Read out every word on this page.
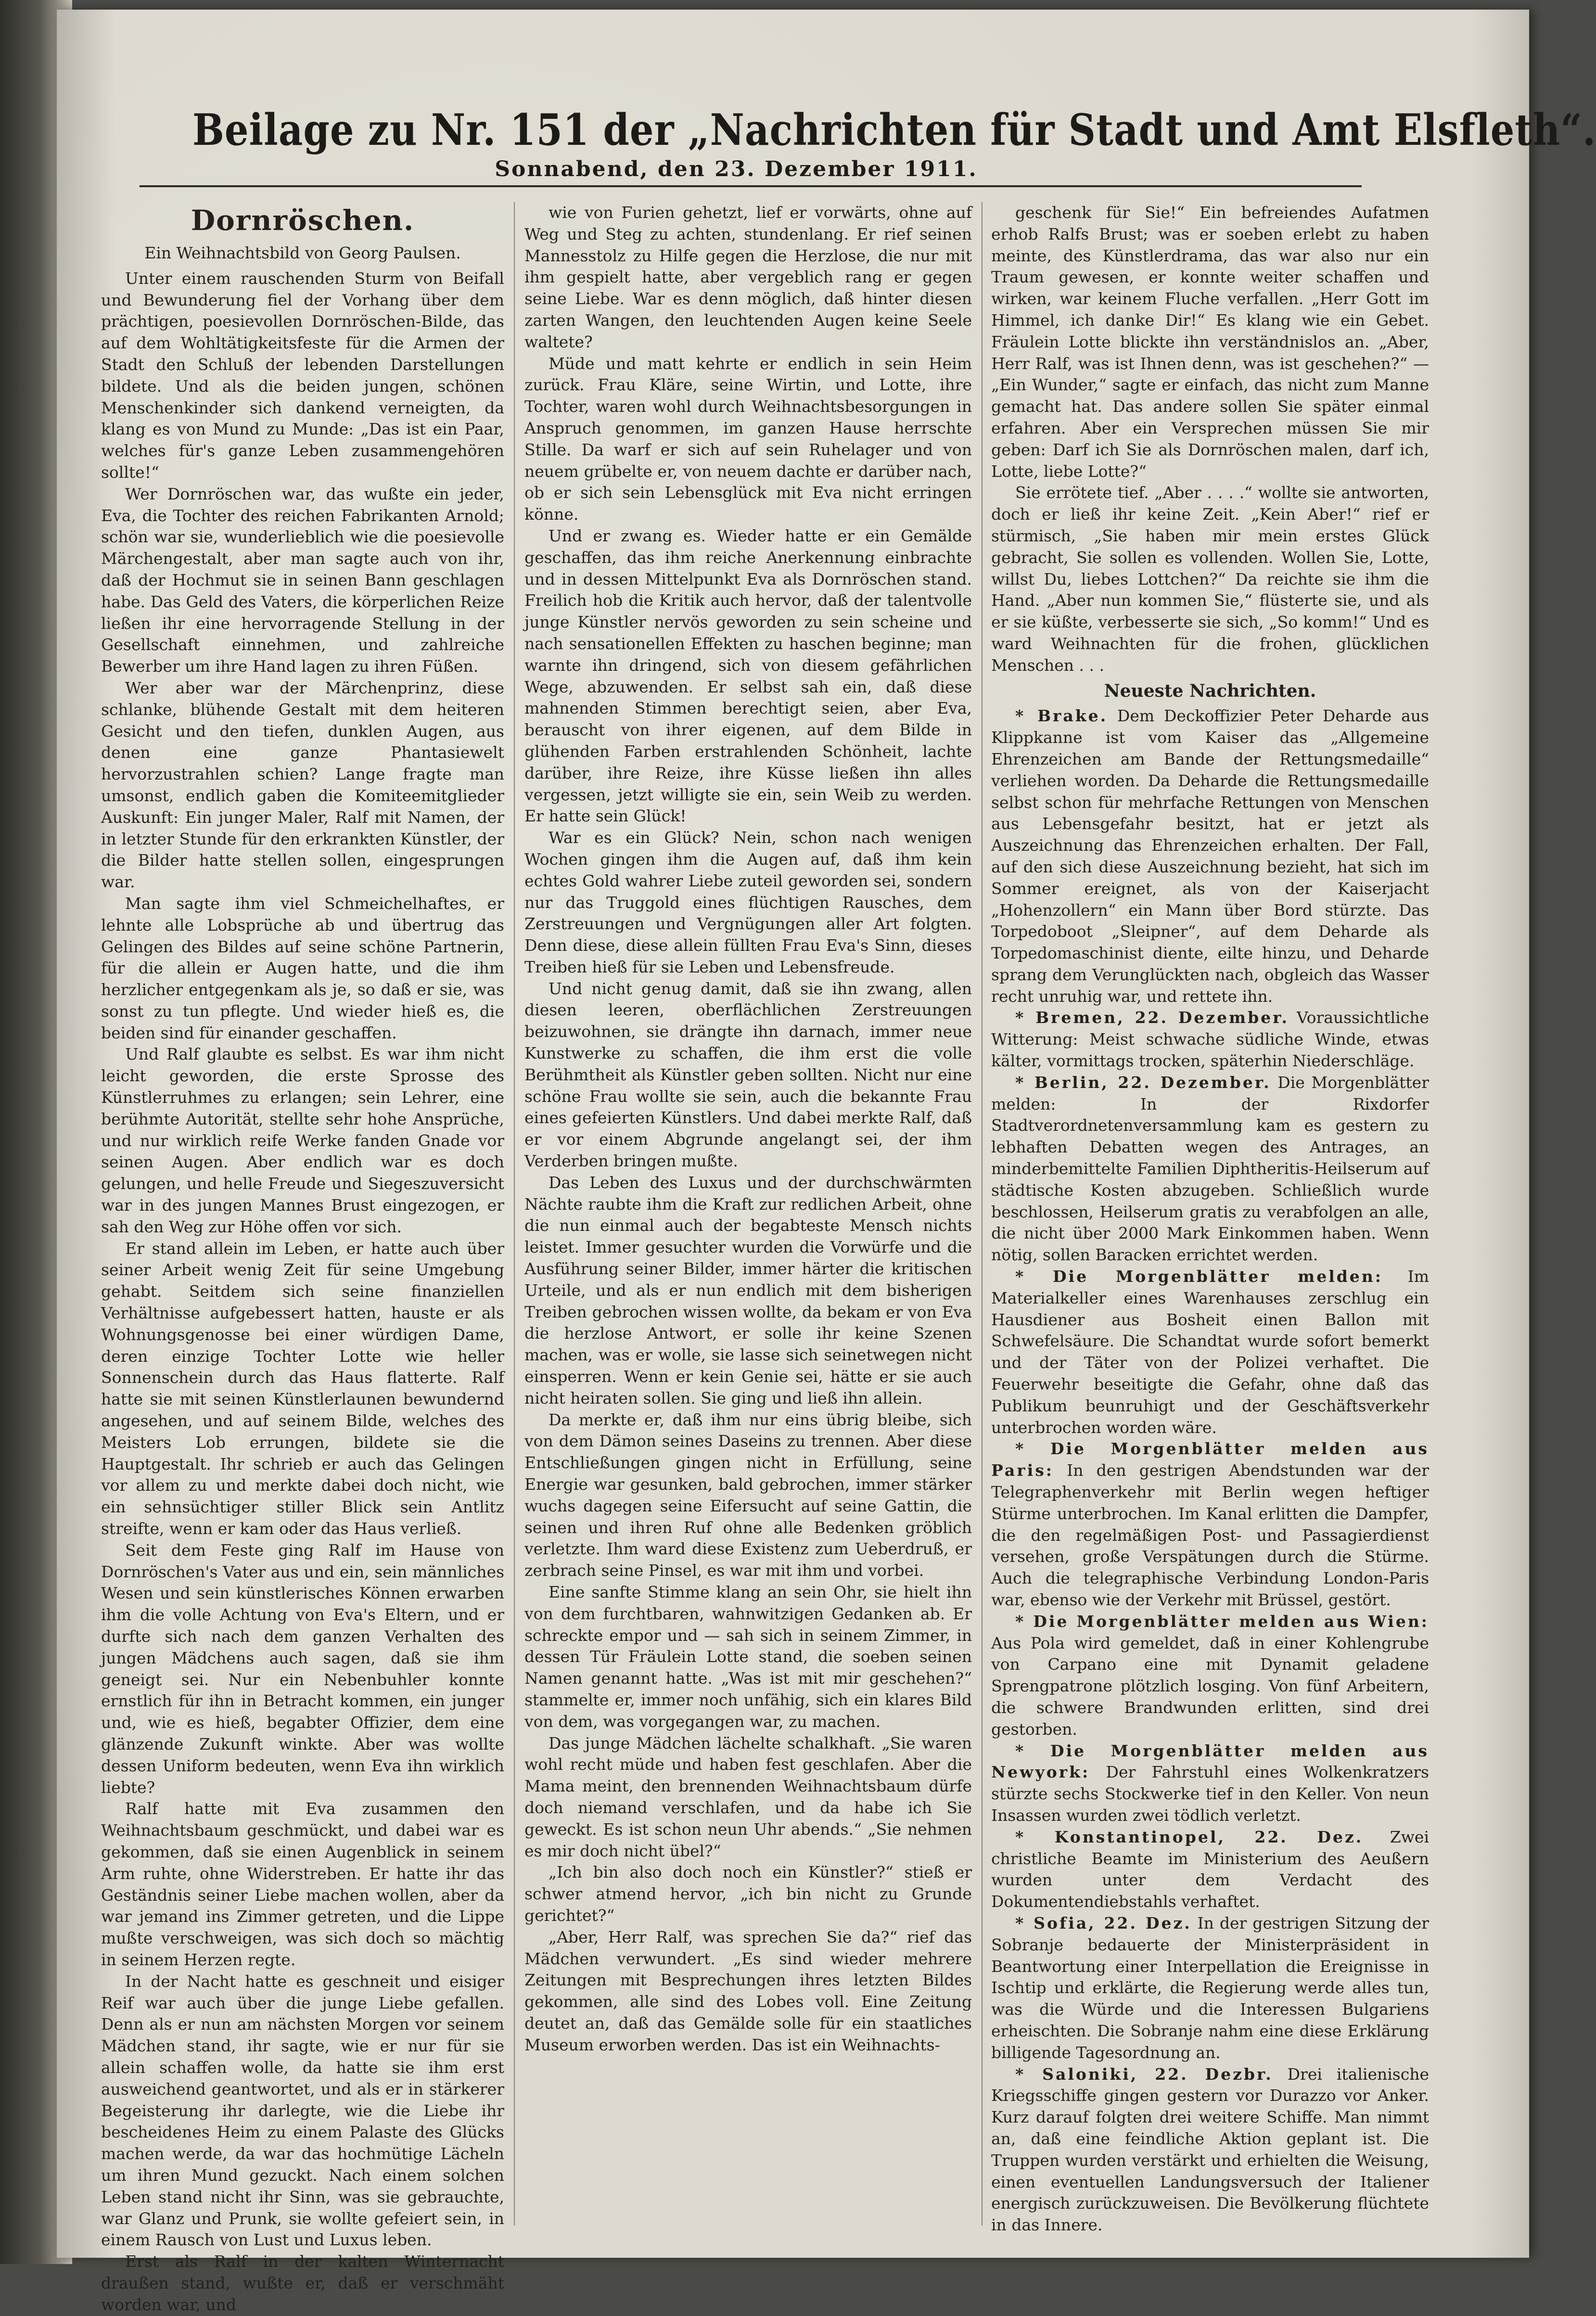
Beilage zu Nr. 151 der „Nachrichten für Stadt und Amt Elsfleth“.
Sonnabend, den 23. Dezember 1911.
Dornröschen.
Ein Weihnachtsbild von Georg Paulsen.

Unter einem rauschenden Sturm von Beifall und Bewunderung fiel der Vorhang über dem prächtigen, poesievollen Dornröschen-Bilde, das auf dem Wohltätigkeitsfeste für die Armen der Stadt den Schluß der lebenden Darstellungen bildete. Und als die beiden jungen, schönen Menschenkinder sich dankend verneigten, da klang es von Mund zu Munde: „Das ist ein Paar, welches für's ganze Leben zusammengehören sollte!“

Wer Dornröschen war, das wußte ein jeder, Eva, die Tochter des reichen Fabrikanten Arnold; schön war sie, wunderlieblich wie die poesievolle Märchengestalt, aber man sagte auch von ihr, daß der Hochmut sie in seinen Bann geschlagen habe. Das Geld des Vaters, die körperlichen Reize ließen ihr eine hervorragende Stellung in der Gesellschaft einnehmen, und zahlreiche Bewerber um ihre Hand lagen zu ihren Füßen.

Wer aber war der Märchenprinz, diese schlanke, blühende Gestalt mit dem heiteren Gesicht und den tiefen, dunklen Augen, aus denen eine ganze Phantasiewelt hervorzustrahlen schien? Lange fragte man umsonst, endlich gaben die Komiteemitglieder Auskunft: Ein junger Maler, Ralf mit Namen, der in letzter Stunde für den erkrankten Künstler, der die Bilder hatte stellen sollen, eingesprungen war.

Man sagte ihm viel Schmeichelhaftes, er lehnte alle Lobsprüche ab und übertrug das Gelingen des Bildes auf seine schöne Partnerin, für die allein er Augen hatte, und die ihm herzlicher entgegenkam als je, so daß er sie, was sonst zu tun pflegte. Und wieder hieß es, die beiden sind für einander geschaffen.

Und Ralf glaubte es selbst. Es war ihm nicht leicht geworden, die erste Sprosse des Künstlerruhmes zu erlangen; sein Lehrer, eine berühmte Autorität, stellte sehr hohe Ansprüche, und nur wirklich reife Werke fanden Gnade vor seinen Augen. Aber endlich war es doch gelungen, und helle Freude und Siegeszuversicht war in des jungen Mannes Brust eingezogen, er sah den Weg zur Höhe offen vor sich.

Er stand allein im Leben, er hatte auch über seiner Arbeit wenig Zeit für seine Umgebung gehabt. Seitdem sich seine finanziellen Verhältnisse aufgebessert hatten, hauste er als Wohnungsgenosse bei einer würdigen Dame, deren einzige Tochter Lotte wie heller Sonnenschein durch das Haus flatterte. Ralf hatte sie mit seinen Künstlerlaunen bewundernd angesehen, und auf seinem Bilde, welches des Meisters Lob errungen, bildete sie die Hauptgestalt. Ihr schrieb er auch das Gelingen vor allem zu und merkte dabei doch nicht, wie ein sehnsüchtiger stiller Blick sein Antlitz streifte, wenn er kam oder das Haus verließ.

Seit dem Feste ging Ralf im Hause von Dornröschen's Vater aus und ein, sein männliches Wesen und sein künstlerisches Können erwarben ihm die volle Achtung von Eva's Eltern, und er durfte sich nach dem ganzen Verhalten des jungen Mädchens auch sagen, daß sie ihm geneigt sei. Nur ein Nebenbuhler konnte ernstlich für ihn in Betracht kommen, ein junger und, wie es hieß, begabter Offizier, dem eine glänzende Zukunft winkte. Aber was wollte dessen Uniform bedeuten, wenn Eva ihn wirklich liebte?

Ralf hatte mit Eva zusammen den Weihnachtsbaum geschmückt, und dabei war es gekommen, daß sie einen Augenblick in seinem Arm ruhte, ohne Widerstreben. Er hatte ihr das Geständnis seiner Liebe machen wollen, aber da war jemand ins Zimmer getreten, und die Lippe mußte verschweigen, was sich doch so mächtig in seinem Herzen regte.

In der Nacht hatte es geschneit und eisiger Reif war auch über die junge Liebe gefallen. Denn als er nun am nächsten Morgen vor seinem Mädchen stand, ihr sagte, wie er nur für sie allein schaffen wolle, da hatte sie ihm erst ausweichend geantwortet, und als er in stärkerer Begeisterung ihr darlegte, wie die Liebe ihr bescheidenes Heim zu einem Palaste des Glücks machen werde, da war das hochmütige Lächeln um ihren Mund gezuckt. Nach einem solchen Leben stand nicht ihr Sinn, was sie gebrauchte, war Glanz und Prunk, sie wollte gefeiert sein, in einem Rausch von Lust und Luxus leben.

Erst als Ralf in der kalten Winternacht draußen stand, wußte er, daß er verschmäht worden war, und

wie von Furien gehetzt, lief er vorwärts, ohne auf Weg und Steg zu achten, stundenlang. Er rief seinen Mannesstolz zu Hilfe gegen die Herzlose, die nur mit ihm gespielt hatte, aber vergeblich rang er gegen seine Liebe. War es denn möglich, daß hinter diesen zarten Wangen, den leuchtenden Augen keine Seele waltete?

Müde und matt kehrte er endlich in sein Heim zurück. Frau Kläre, seine Wirtin, und Lotte, ihre Tochter, waren wohl durch Weihnachtsbesorgungen in Anspruch genommen, im ganzen Hause herrschte Stille. Da warf er sich auf sein Ruhelager und von neuem grübelte er, von neuem dachte er darüber nach, ob er sich sein Lebensglück mit Eva nicht erringen könne.

Und er zwang es. Wieder hatte er ein Gemälde geschaffen, das ihm reiche Anerkennung einbrachte und in dessen Mittelpunkt Eva als Dornröschen stand. Freilich hob die Kritik auch hervor, daß der talentvolle junge Künstler nervös geworden zu sein scheine und nach sensationellen Effekten zu haschen beginne; man warnte ihn dringend, sich von diesem gefährlichen Wege, abzuwenden. Er selbst sah ein, daß diese mahnenden Stimmen berechtigt seien, aber Eva, berauscht von ihrer eigenen, auf dem Bilde in glühenden Farben erstrahlenden Schönheit, lachte darüber, ihre Reize, ihre Küsse ließen ihn alles vergessen, jetzt willigte sie ein, sein Weib zu werden. Er hatte sein Glück!

War es ein Glück? Nein, schon nach wenigen Wochen gingen ihm die Augen auf, daß ihm kein echtes Gold wahrer Liebe zuteil geworden sei, sondern nur das Truggold eines flüchtigen Rausches, dem Zerstreuungen und Vergnügungen aller Art folgten. Denn diese, diese allein füllten Frau Eva's Sinn, dieses Treiben hieß für sie Leben und Lebensfreude.

Und nicht genug damit, daß sie ihn zwang, allen diesen leeren, oberflächlichen Zerstreuungen beizuwohnen, sie drängte ihn darnach, immer neue Kunstwerke zu schaffen, die ihm erst die volle Berühmtheit als Künstler geben sollten. Nicht nur eine schöne Frau wollte sie sein, auch die bekannte Frau eines gefeierten Künstlers. Und dabei merkte Ralf, daß er vor einem Abgrunde angelangt sei, der ihm Verderben bringen mußte.

Das Leben des Luxus und der durchschwärmten Nächte raubte ihm die Kraft zur redlichen Arbeit, ohne die nun einmal auch der begabteste Mensch nichts leistet. Immer gesuchter wurden die Vorwürfe und die Ausführung seiner Bilder, immer härter die kritischen Urteile, und als er nun endlich mit dem bisherigen Treiben gebrochen wissen wollte, da bekam er von Eva die herzlose Antwort, er solle ihr keine Szenen machen, was er wolle, sie lasse sich seinetwegen nicht einsperren. Wenn er kein Genie sei, hätte er sie auch nicht heiraten sollen. Sie ging und ließ ihn allein.

Da merkte er, daß ihm nur eins übrig bleibe, sich von dem Dämon seines Daseins zu trennen. Aber diese Entschließungen gingen nicht in Erfüllung, seine Energie war gesunken, bald gebrochen, immer stärker wuchs dagegen seine Eifersucht auf seine Gattin, die seinen und ihren Ruf ohne alle Bedenken gröblich verletzte. Ihm ward diese Existenz zum Ueberdruß, er zerbrach seine Pinsel, es war mit ihm und vorbei.

Eine sanfte Stimme klang an sein Ohr, sie hielt ihn von dem furchtbaren, wahnwitzigen Gedanken ab. Er schreckte empor und — sah sich in seinem Zimmer, in dessen Tür Fräulein Lotte stand, die soeben seinen Namen genannt hatte. „Was ist mit mir geschehen?“ stammelte er, immer noch unfähig, sich ein klares Bild von dem, was vorgegangen war, zu machen.

Das junge Mädchen lächelte schalkhaft. „Sie waren wohl recht müde und haben fest geschlafen. Aber die Mama meint, den brennenden Weihnachtsbaum dürfe doch niemand verschlafen, und da habe ich Sie geweckt. Es ist schon neun Uhr abends.“ „Sie nehmen es mir doch nicht übel?“

„Ich bin also doch noch ein Künstler?“ stieß er schwer atmend hervor, „ich bin nicht zu Grunde gerichtet?“

„Aber, Herr Ralf, was sprechen Sie da?“ rief das Mädchen verwundert. „Es sind wieder mehrere Zeitungen mit Besprechungen ihres letzten Bildes gekommen, alle sind des Lobes voll. Eine Zeitung deutet an, daß das Gemälde solle für ein staatliches Museum erworben werden. Das ist ein Weihnachts-

geschenk für Sie!“ Ein befreiendes Aufatmen erhob Ralfs Brust; was er soeben erlebt zu haben meinte, des Künstlerdrama, das war also nur ein Traum gewesen, er konnte weiter schaffen und wirken, war keinem Fluche verfallen. „Herr Gott im Himmel, ich danke Dir!“ Es klang wie ein Gebet. Fräulein Lotte blickte ihn verständnislos an. „Aber, Herr Ralf, was ist Ihnen denn, was ist geschehen?“ — „Ein Wunder,“ sagte er einfach, das nicht zum Manne gemacht hat. Das andere sollen Sie später einmal erfahren. Aber ein Versprechen müssen Sie mir geben: Darf ich Sie als Dornröschen malen, darf ich, Lotte, liebe Lotte?“

Sie errötete tief. „Aber . . . .“ wollte sie antworten, doch er ließ ihr keine Zeit. „Kein Aber!“ rief er stürmisch, „Sie haben mir mein erstes Glück gebracht, Sie sollen es vollenden. Wollen Sie, Lotte, willst Du, liebes Lottchen?“ Da reichte sie ihm die Hand. „Aber nun kommen Sie,“ flüsterte sie, und als er sie küßte, verbesserte sie sich, „So komm!“ Und es ward Weihnachten für die frohen, glücklichen Menschen . . .

Neueste Nachrichten.

* Brake. Dem Deckoffizier Peter Deharde aus Klippkanne ist vom Kaiser das „Allgemeine Ehrenzeichen am Bande der Rettungsmedaille“ verliehen worden. Da Deharde die Rettungsmedaille selbst schon für mehrfache Rettungen von Menschen aus Lebensgefahr besitzt, hat er jetzt als Auszeichnung das Ehrenzeichen erhalten. Der Fall, auf den sich diese Auszeichnung bezieht, hat sich im Sommer ereignet, als von der Kaiserjacht „Hohenzollern“ ein Mann über Bord stürzte. Das Torpedoboot „Sleipner“, auf dem Deharde als Torpedomaschinist diente, eilte hinzu, und Deharde sprang dem Verunglückten nach, obgleich das Wasser recht unruhig war, und rettete ihn.

* Bremen, 22. Dezember. Voraussichtliche Witterung: Meist schwache südliche Winde, etwas kälter, vormittags trocken, späterhin Niederschläge.

* Berlin, 22. Dezember. Die Morgenblätter melden: In der Rixdorfer Stadtverordnetenversammlung kam es gestern zu lebhaften Debatten wegen des Antrages, an minderbemittelte Familien Diphtheritis-Heilserum auf städtische Kosten abzugeben. Schließlich wurde beschlossen, Heilserum gratis zu verabfolgen an alle, die nicht über 2000 Mark Einkommen haben. Wenn nötig, sollen Baracken errichtet werden.

* Die Morgenblätter melden: Im Materialkeller eines Warenhauses zerschlug ein Hausdiener aus Bosheit einen Ballon mit Schwefelsäure. Die Schandtat wurde sofort bemerkt und der Täter von der Polizei verhaftet. Die Feuerwehr beseitigte die Gefahr, ohne daß das Publikum beunruhigt und der Geschäftsverkehr unterbrochen worden wäre.

* Die Morgenblätter melden aus Paris: In den gestrigen Abendstunden war der Telegraphenverkehr mit Berlin wegen heftiger Stürme unterbrochen. Im Kanal erlitten die Dampfer, die den regelmäßigen Post- und Passagierdienst versehen, große Verspätungen durch die Stürme. Auch die telegraphische Verbindung London-Paris war, ebenso wie der Verkehr mit Brüssel, gestört.

* Die Morgenblätter melden aus Wien: Aus Pola wird gemeldet, daß in einer Kohlengrube von Carpano eine mit Dynamit geladene Sprengpatrone plötzlich losging. Von fünf Arbeitern, die schwere Brandwunden erlitten, sind drei gestorben.

* Die Morgenblätter melden aus Newyork: Der Fahrstuhl eines Wolkenkratzers stürzte sechs Stockwerke tief in den Keller. Von neun Insassen wurden zwei tödlich verletzt.

* Konstantinopel, 22. Dez. Zwei christliche Beamte im Ministerium des Aeußern wurden unter dem Verdacht des Dokumentendiebstahls verhaftet.

* Sofia, 22. Dez. In der gestrigen Sitzung der Sobranje bedauerte der Ministerpräsident in Beantwortung einer Interpellation die Ereignisse in Ischtip und erklärte, die Regierung werde alles tun, was die Würde und die Interessen Bulgariens erheischten. Die Sobranje nahm eine diese Erklärung billigende Tagesordnung an.

* Saloniki, 22. Dezbr. Drei italienische Kriegsschiffe gingen gestern vor Durazzo vor Anker. Kurz darauf folgten drei weitere Schiffe. Man nimmt an, daß eine feindliche Aktion geplant ist. Die Truppen wurden verstärkt und erhielten die Weisung, einen eventuellen Landungsversuch der Italiener energisch zurückzuweisen. Die Bevölkerung flüchtete in das Innere.
